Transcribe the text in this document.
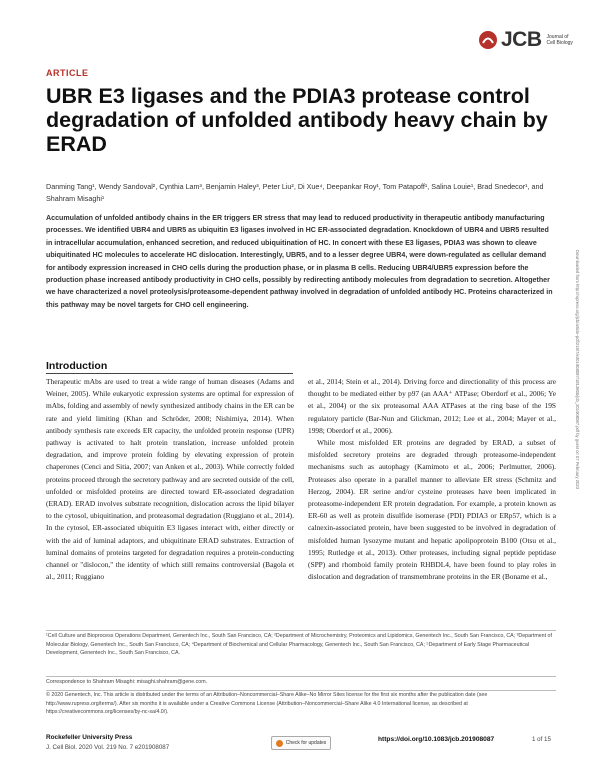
JCB Journal of
Cell Biology
ARTICLE
UBR E3 ligases and the PDIA3 protease control degradation of unfolded antibody heavy chain by ERAD
Danming Tang¹, Wendy Sandoval², Cynthia Lam³, Benjamin Haley³, Peter Liu², Di Xue⁴, Deepankar Roy¹, Tom Patapoff¹, Salina Louie¹, Brad Snedecor¹, and Shahram Misaghi¹

Accumulation of unfolded antibody chains in the ER triggers ER stress that may lead to reduced productivity in therapeutic antibody manufacturing processes. We identified UBR4 and UBR5 as ubiquitin E3 ligases involved in HC ER-associated degradation. Knockdown of UBR4 and UBR5 resulted in intracellular accumulation, enhanced secretion, and reduced ubiquitination of HC. In concert with these E3 ligases, PDIA3 was shown to cleave ubiquitinated HC molecules to accelerate HC dislocation. Interestingly, UBR5, and to a lesser degree UBR4, were down-regulated as cellular demand for antibody expression increased in CHO cells during the production phase, or in plasma B cells. Reducing UBR4/UBR5 expression before the production phase increased antibody productivity in CHO cells, possibly by redirecting antibody molecules from degradation to secretion. Altogether we have characterized a novel proteolysis/proteasome-dependent pathway involved in degradation of unfolded antibody HC. Proteins characterized in this pathway may be novel targets for CHO cell engineering.	Downloaded from http://rupress.org/jcb/article-pdf/219/7/e201908087/1813800/jcb_201908087.pdf by guest on 07 February 2023
Introduction

Therapeutic mAbs are used to treat a wide range of human diseases (Adams and Weiner, 2005). While eukaryotic expression systems are optimal for expression of mAbs, folding and assembly of newly synthesized antibody chains in the ER can be rate and yield limiting (Khan and Schröder, 2008; Nishimiya, 2014). When antibody synthesis rate exceeds ER capacity, the unfolded protein response (UPR) pathway is activated to halt protein translation, increase unfolded protein degradation, and improve protein folding by elevating expression of protein chaperones (Cenci and Sitia, 2007; van Anken et al., 2003). While correctly folded proteins proceed through the secretory pathway and are secreted outside of the cell, unfolded or misfolded proteins are directed toward ER-associated degradation (ERAD). ERAD involves substrate recognition, dislocation across the lipid bilayer to the cytosol, ubiquitination, and proteasomal degradation (Ruggiano et al., 2014). In the cytosol, ER-associated ubiquitin E3 ligases interact with, either directly or with the aid of luminal adaptors, and ubiquitinate ERAD substrates. Extraction of luminal domains of proteins targeted for degradation requires a protein-conducting channel or "dislocon," the identity of which still remains controversial (Bagola et al., 2011; Ruggiano

et al., 2014; Stein et al., 2014). Driving force and directionality of this process are thought to be mediated either by p97 (an AAA⁺ ATPase; Oberdorf et al., 2006; Ye et al., 2004) or the six proteasomal AAA ATPases at the ring base of the 19S regulatory particle (Bar-Nun and Glickman, 2012; Lee et al., 2004; Mayer et al., 1998; Oberdorf et al., 2006).

While most misfolded ER proteins are degraded by ERAD, a subset of misfolded secretory proteins are degraded through proteasome-independent mechanisms such as autophagy (Kamimoto et al., 2006; Perlmutter, 2006). Proteases also operate in a parallel manner to alleviate ER stress (Schmitz and Herzog, 2004). ER serine and/or cysteine proteases have been implicated in proteasome-independent ER protein degradation. For example, a protein known as ER-60 as well as protein disulfide isomerase (PDI) PDIA3 or ERp57, which is a calnexin-associated protein, have been suggested to be involved in degradation of misfolded human lysozyme mutant and hepatic apolipoprotein B100 (Otsu et al., 1995; Rutledge et al., 2013). Other proteases, including signal peptide peptidase (SPP) and rhomboid family protein RHBDL4, have been found to play roles in dislocation and degradation of transmembrane proteins in the ER (Boname et al.,

¹Cell Culture and Bioprocess Operations Department, Genentech Inc., South San Francisco, CA; ²Department of Microchemistry, Proteomics and Lipidomics, Genentech Inc., South San Francisco, CA; ³Department of Molecular Biology, Genentech Inc., South San Francisco, CA; ⁴Department of Biochemical and Cellular Pharmacology, Genentech Inc., South San Francisco, CA; ⁵Department of Early Stage Pharmaceutical Development, Genentech Inc., South San Francisco, CA.
Correspondence to Shahram Misaghi: misaghi.shahram@gene.com.
© 2020 Genentech, Inc. This article is distributed under the terms of an Attribution–Noncommercial–Share Alike–No Mirror Sites license for the first six months after the publication date (see http://www.rupress.org/terms/). After six months it is available under a Creative Commons License (Attribution–Noncommercial–Share Alike 4.0 International license, as described at https://creativecommons.org/licenses/by-nc-sa/4.0/).
Rockefeller University Press
J. Cell Biol. 2020 Vol. 219 No. 7 e201908087
Check for updates	https://doi.org/10.1083/jcb.201908087	1 of 15
